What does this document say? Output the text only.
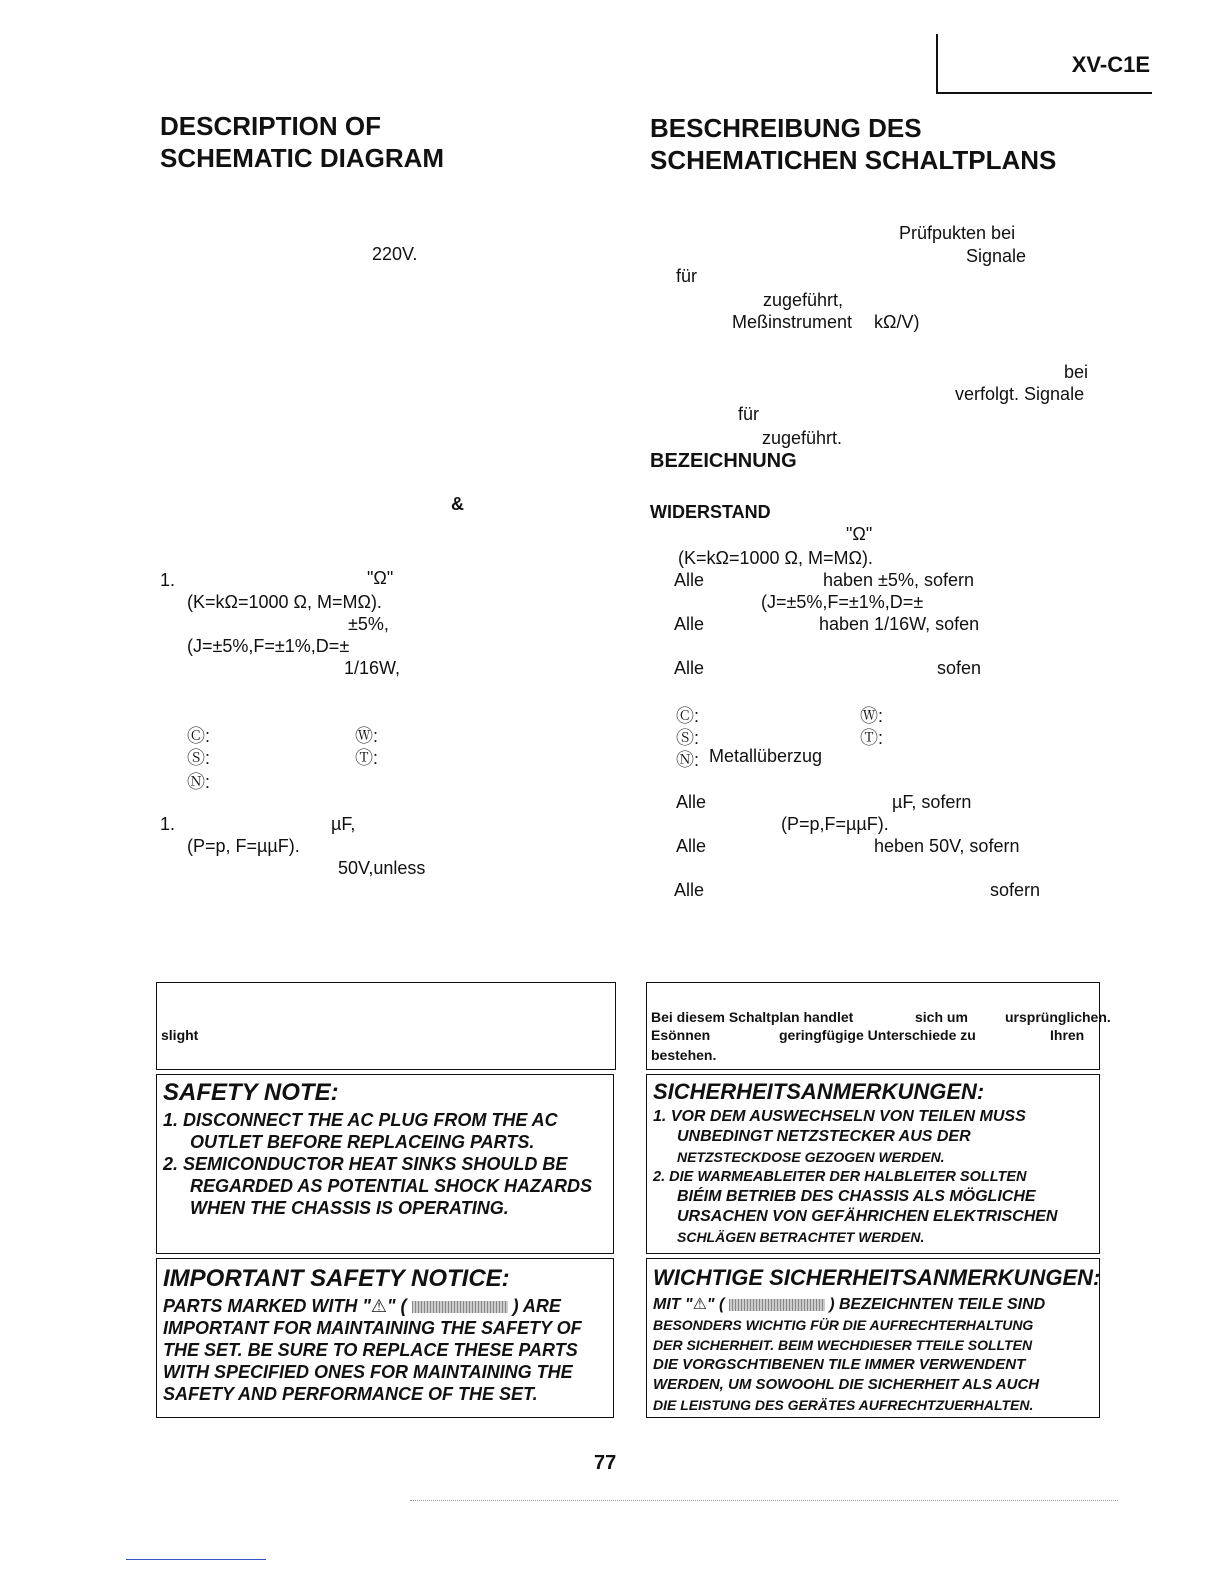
XV-C1E
DESCRIPTION OF
SCHEMATIC DIAGRAM
BESCHREIBUNG DES
SCHEMATICHEN SCHALTPLANS
220V.
&
1.	"Ω"
(K=kΩ=1000 Ω, M=MΩ).
±5%,
(J=±5%,F=±1%,D=±
1/16W,
Ⓒ:	Ⓦ:
Ⓢ:	Ⓣ:
Ⓝ:
1.	µF,
(P=p, F=µµF).
50V,unless
Prüfpukten bei
Signale
für
zugeführt,
Meßinstrument kΩ/V)
bei
verfolgt. Signale
für
zugeführt.
BEZEICHNUNG
WIDERSTAND
"Ω"
(K=kΩ=1000 Ω, M=MΩ).
Alle	haben ±5%, sofern
(J=±5%,F=±1%,D=±
Alle	haben 1/16W, sofen
Alle	sofen
Ⓒ:	Ⓦ:
Ⓢ:	Ⓣ:
Ⓝ: Metallüberzug
Alle	µF, sofern
(P=p,F=µµF).
Alle	heben 50V, sofern
Alle	sofern
slight
Bei diesem Schaltplan handlet	sich um	ursprünglichen.
Esönnen	geringfügige Unterschiede zu	Ihren
bestehen.
SAFETY NOTE:
1. DISCONNECT THE AC PLUG FROM THE AC
OUTLET BEFORE REPLACEING PARTS.
2. SEMICONDUCTOR HEAT SINKS SHOULD BE
REGARDED AS POTENTIAL SHOCK HAZARDS
WHEN THE CHASSIS IS OPERATING.
SICHERHEITSANMERKUNGEN:
1. VOR DEM AUSWECHSELN VON TEILEN MUSS
UNBEDINGT NETZSTECKER AUS DER
NETZSTECKDOSE GEZOGEN WERDEN.
2. DIE WARMEABLEITER DER HALBLEITER SOLLTEN
BIÉIM BETRIEB DES CHASSIS ALS MÖGLICHE
URSACHEN VON GEFÄHRICHEN ELEKTRISCHEN
SCHLÄGEN BETRACHTET WERDEN.
IMPORTANT SAFETY NOTICE:
PARTS MARKED WITH "⚠" (	) ARE
IMPORTANT FOR MAINTAINING THE SAFETY OF
THE SET. BE SURE TO REPLACE THESE PARTS
WITH SPECIFIED ONES FOR MAINTAINING THE
SAFETY AND PERFORMANCE OF THE SET.
WICHTIGE SICHERHEITSANMERKUNGEN:
MIT "⚠" (	) BEZEICHNTEN TEILE SIND
BESONDERS WICHTIG FÜR DIE AUFRECHTERHALTUNG
DER SICHERHEIT. BEIM WECHDIESER TTEILE SOLLTEN
DIE VORGSCHTIBENEN TILE IMMER VERWENDENT
WERDEN, UM SOWOOHL DIE SICHERHEIT ALS AUCH
DIE LEISTUNG DES GERÄTES AUFRECHTZUERHALTEN.
77
